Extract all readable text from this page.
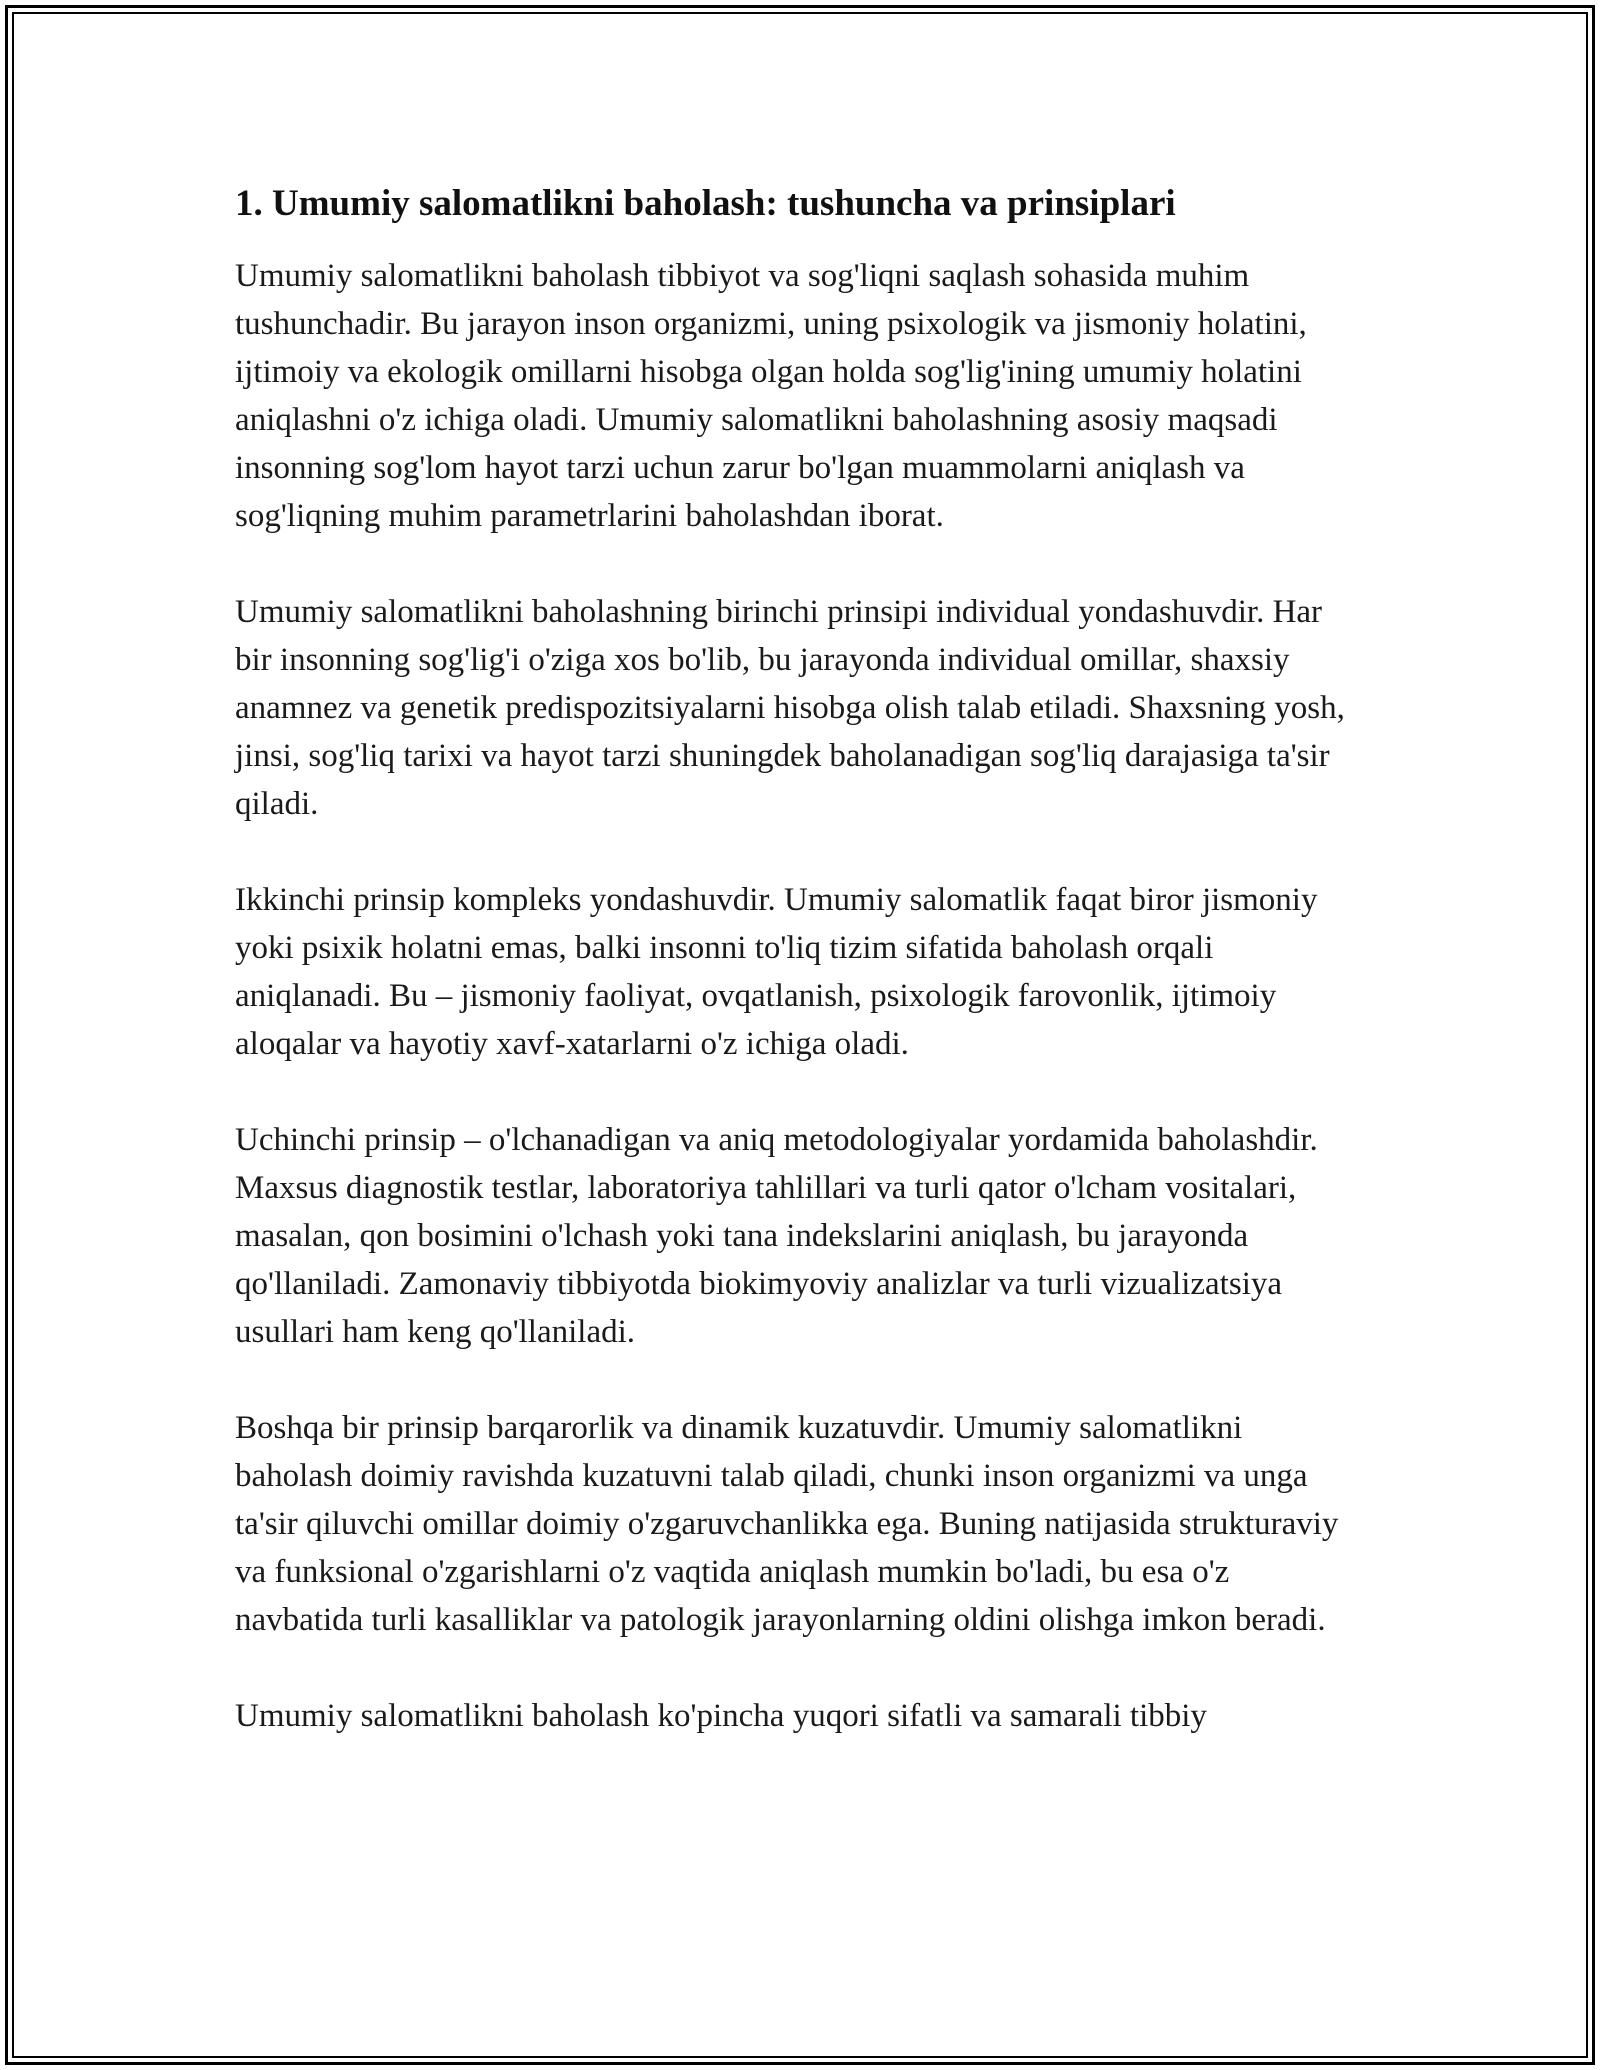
1. Umumiy salomatlikni baholash: tushuncha va prinsiplari

Umumiy salomatlikni baholash tibbiyot va sog'liqni saqlash sohasida muhim tushunchadir. Bu jarayon inson organizmi, uning psixologik va jismoniy holatini, ijtimoiy va ekologik omillarni hisobga olgan holda sog'lig'ining umumiy holatini aniqlashni o'z ichiga oladi. Umumiy salomatlikni baholashning asosiy maqsadi insonning sog'lom hayot tarzi uchun zarur bo'lgan muammolarni aniqlash va sog'liqning muhim parametrlarini baholashdan iborat.

Umumiy salomatlikni baholashning birinchi prinsipi individual yondashuvdir. Har bir insonning sog'lig'i o'ziga xos bo'lib, bu jarayonda individual omillar, shaxsiy anamnez va genetik predispozitsiyalarni hisobga olish talab etiladi. Shaxsning yosh, jinsi, sog'liq tarixi va hayot tarzi shuningdek baholanadigan sog'liq darajasiga ta'sir qiladi.

Ikkinchi prinsip kompleks yondashuvdir. Umumiy salomatlik faqat biror jismoniy yoki psixik holatni emas, balki insonni to'liq tizim sifatida baholash orqali aniqlanadi. Bu – jismoniy faoliyat, ovqatlanish, psixologik farovonlik, ijtimoiy aloqalar va hayotiy xavf-xatarlarni o'z ichiga oladi.

Uchinchi prinsip – o'lchanadigan va aniq metodologiyalar yordamida baholashdir. Maxsus diagnostik testlar, laboratoriya tahlillari va turli qator o'lcham vositalari, masalan, qon bosimini o'lchash yoki tana indekslarini aniqlash, bu jarayonda qo'llaniladi. Zamonaviy tibbiyotda biokimyoviy analizlar va turli vizualizatsiya usullari ham keng qo'llaniladi.

Boshqa bir prinsip barqarorlik va dinamik kuzatuvdir. Umumiy salomatlikni baholash doimiy ravishda kuzatuvni talab qiladi, chunki inson organizmi va unga ta'sir qiluvchi omillar doimiy o'zgaruvchanlikka ega. Buning natijasida strukturaviy va funksional o'zgarishlarni o'z vaqtida aniqlash mumkin bo'ladi, bu esa o'z navbatida turli kasalliklar va patologik jarayonlarning oldini olishga imkon beradi.

Umumiy salomatlikni baholash ko'pincha yuqori sifatli va samarali tibbiy
